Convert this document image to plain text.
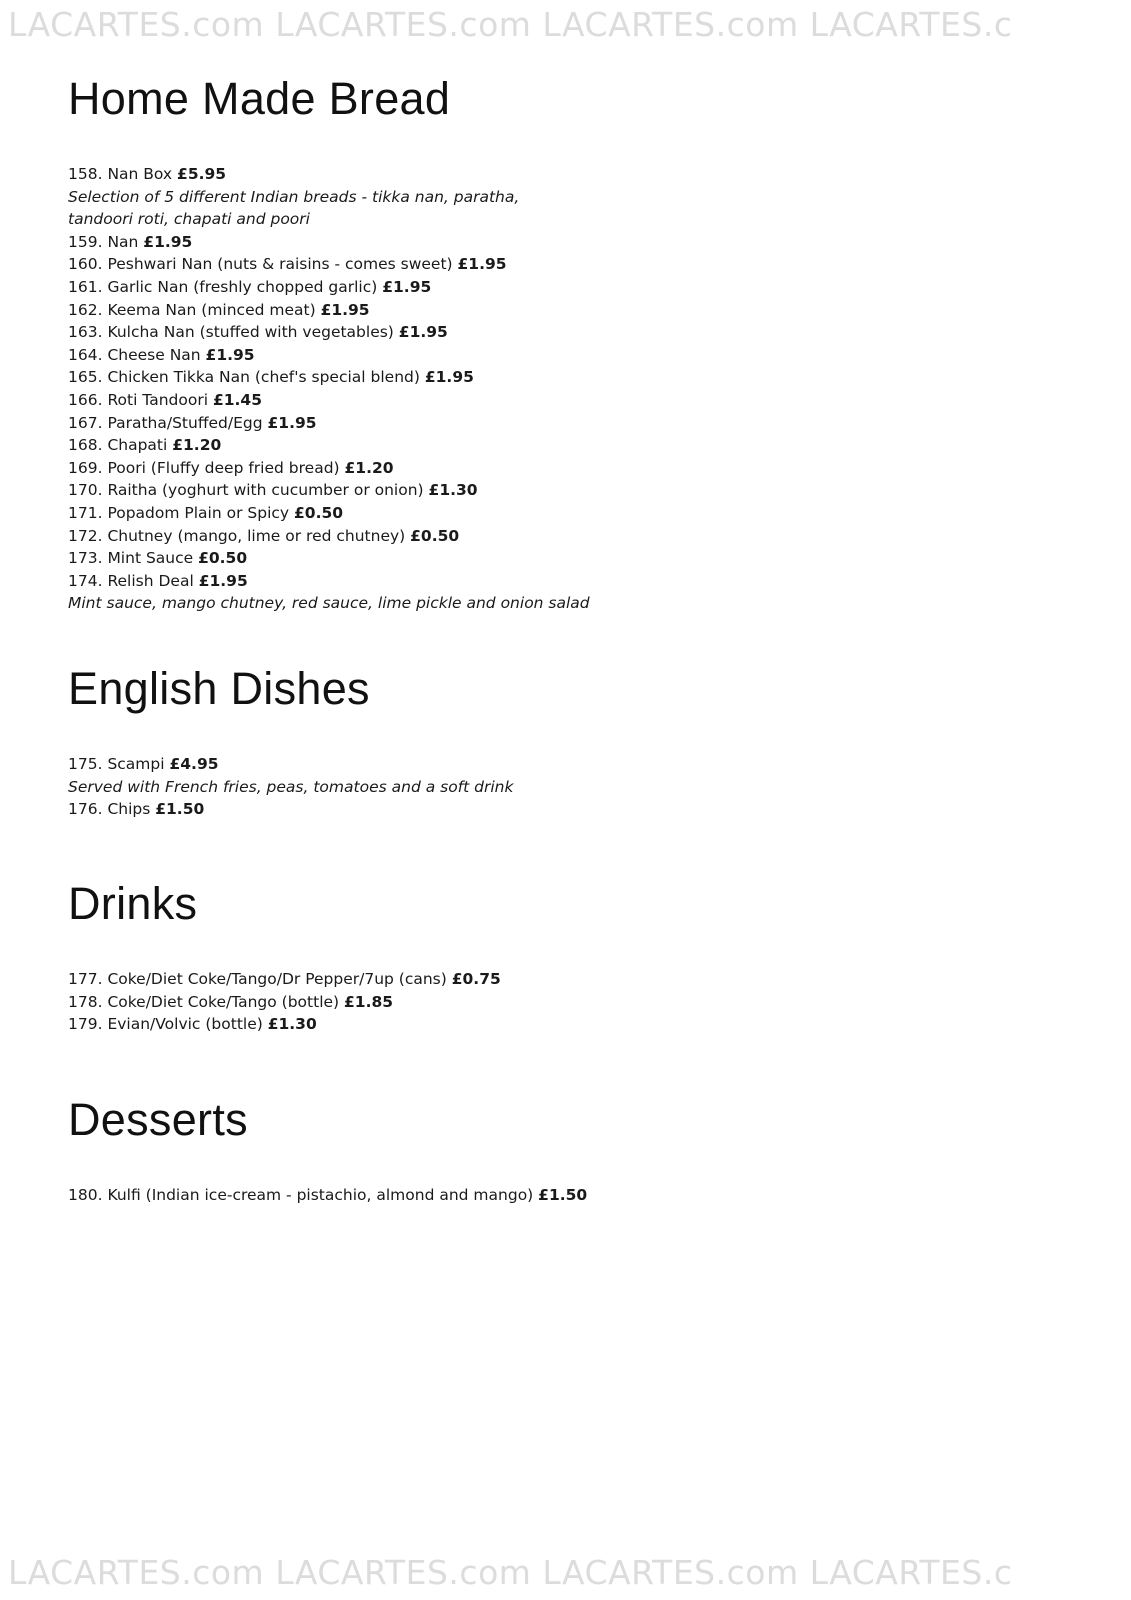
LACARTES.com LACARTES.com LACARTES.com LACARTES.c
Home Made Bread
158. Nan Box £5.95
Selection of 5 different Indian breads - tikka nan, paratha,
tandoori roti, chapati and poori
159. Nan £1.95
160. Peshwari Nan (nuts & raisins - comes sweet) £1.95
161. Garlic Nan (freshly chopped garlic) £1.95
162. Keema Nan (minced meat) £1.95
163. Kulcha Nan (stuffed with vegetables) £1.95
164. Cheese Nan £1.95
165. Chicken Tikka Nan (chef's special blend) £1.95
166. Roti Tandoori £1.45
167. Paratha/Stuffed/Egg £1.95
168. Chapati £1.20
169. Poori (Fluffy deep fried bread) £1.20
170. Raitha (yoghurt with cucumber or onion) £1.30
171. Popadom Plain or Spicy £0.50
172. Chutney (mango, lime or red chutney) £0.50
173. Mint Sauce £0.50
174. Relish Deal £1.95
Mint sauce, mango chutney, red sauce, lime pickle and onion salad
English Dishes
175. Scampi £4.95
Served with French fries, peas, tomatoes and a soft drink
176. Chips £1.50
Drinks
177. Coke/Diet Coke/Tango/Dr Pepper/7up (cans) £0.75
178. Coke/Diet Coke/Tango (bottle) £1.85
179. Evian/Volvic (bottle) £1.30
Desserts
180. Kulfi (Indian ice-cream - pistachio, almond and mango) £1.50
LACARTES.com LACARTES.com LACARTES.com LACARTES.c
